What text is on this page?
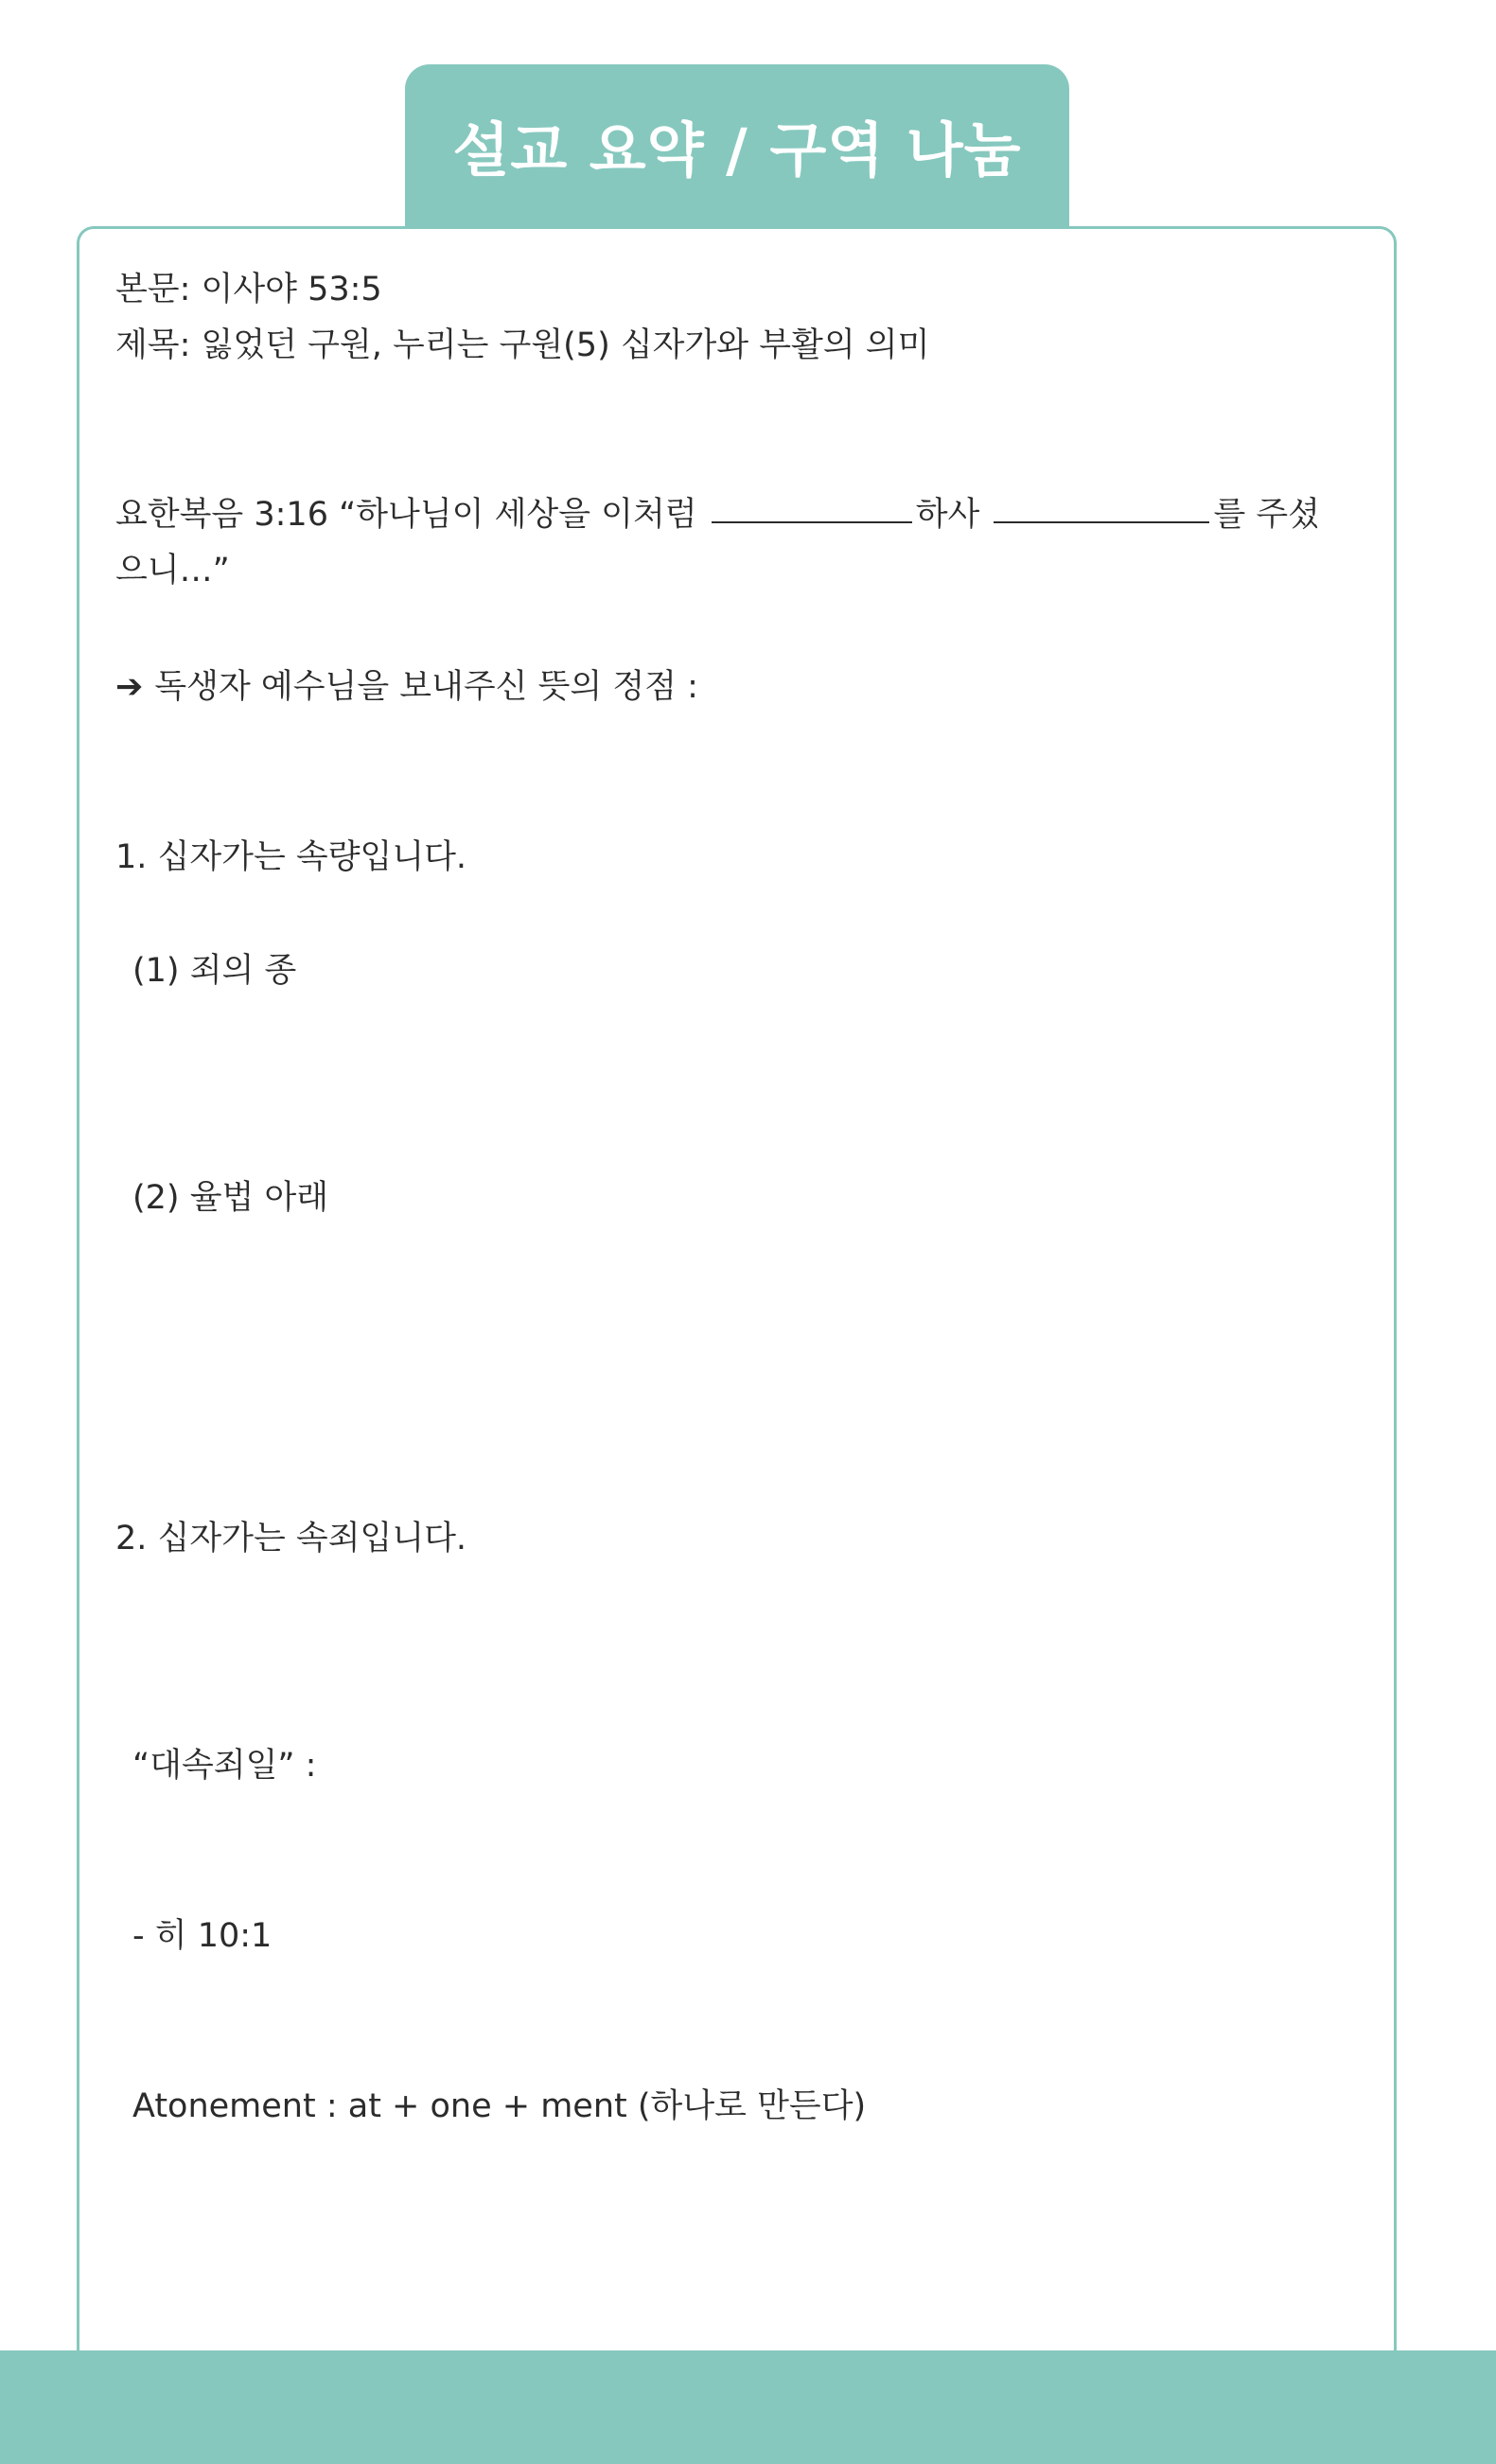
설교 요약 / 구역 나눔
본문: 이사야 53:5
제목: 잃었던 구원, 누리는 구원(5) 십자가와 부활의 의미
요한복음 3:16 “하나님이 세상을 이처럼	하사	를 주셨
으니…”
➔ 독생자 예수님을 보내주신 뜻의 정점 :
1. 십자가는 속량입니다.
(1) 죄의 종
(2) 율법 아래
2. 십자가는 속죄입니다.
“대속죄일” :
- 히 10:1
Atonement : at + one + ment (하나로 만든다)
